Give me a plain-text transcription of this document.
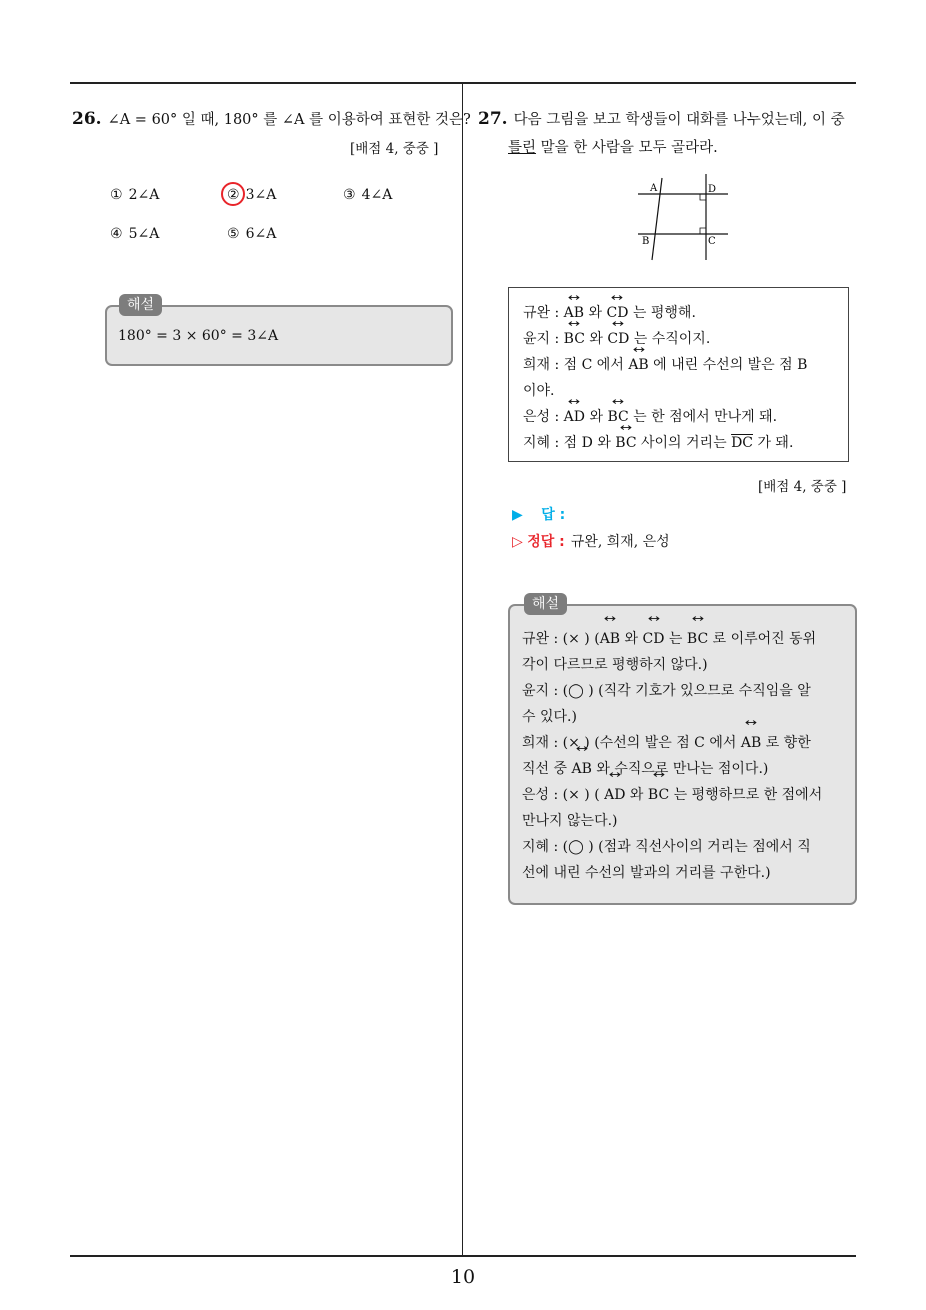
26. ∠A = 60° 일 때, 180° 를 ∠A 를 이용하여 표현한 것은?
[배점 4, 중중 ]
① 2∠A	② 3∠A	③ 4∠A
④ 5∠A	⑤ 6∠A
해설
180° = 3 × 60° = 3∠A
27. 다음 그림을 보고 학생들이 대화를 나누었는데, 이 중
틀린 말을 한 사람을 모두 골라라.
A	D
B	C
규완 : ↔ AB 와 ↔ CD 는 평행해.
윤지 : ↔ BC 와 ↔ CD 는 수직이지.
희재 : 점 C 에서 ↔ AB 에 내린 수선의 발은 점 B
이야.
은성 : ↔ AD 와 ↔ BC 는 한 점에서 만나게 돼.
지혜 : 점 D 와 ↔ BC 사이의 거리는 $\overline{DC}$ 가 돼.
[배점 4, 중중 ]
▶ 답 :
▷ 정답 : 규완, 희재, 은성
해설
규완 : (× ) (↔ AB 와 ↔ CD 는 ↔ BC 로 이루어진 동위
각이 다르므로 평행하지 않다.)
윤지 : (◯ ) (직각 기호가 있으므로 수직임을 알
수 있다.)
희재 : (× ) (수선의 발은 점 C 에서 ↔ AB 로 향한
직선 중 ↔ AB 와 수직으로 만나는 점이다.)
은성 : (× ) ( ↔ AD 와 ↔ BC 는 평행하므로 한 점에서
만나지 않는다.)
지혜 : (◯ ) (점과 직선사이의 거리는 점에서 직
선에 내린 수선의 발과의 거리를 구한다.)
10
